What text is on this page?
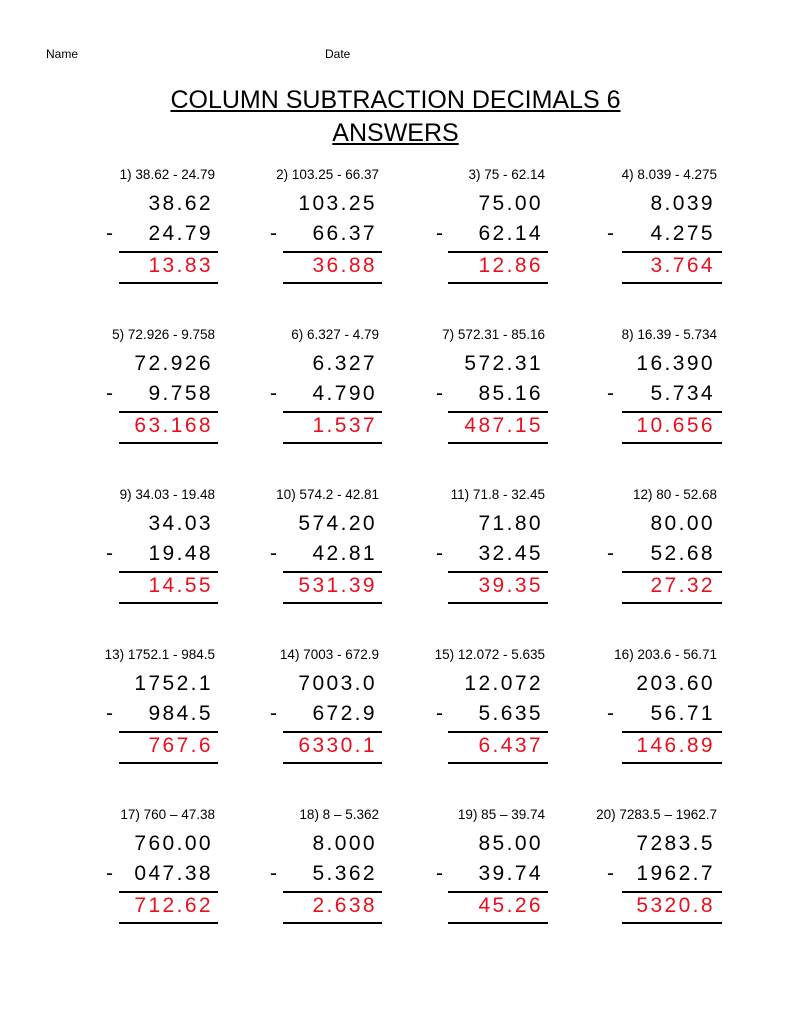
Name	Date
COLUMN SUBTRACTION DECIMALS 6
ANSWERS
1) 38.62 - 24.79
38.62
24.79
13.83
-
2) 103.25 - 66.37
103.25
66.37
36.88
-
3) 75 - 62.14
75.00
62.14
12.86
-
4) 8.039 - 4.275
8.039
4.275
3.764
-
5) 72.926 - 9.758
72.926
9.758
63.168
-
6) 6.327 - 4.79
6.327
4.790
1.537
-
7) 572.31 - 85.16
572.31
85.16
487.15
-
8) 16.39 - 5.734
16.390
5.734
10.656
-
9) 34.03 - 19.48
34.03
19.48
14.55
-
10) 574.2 - 42.81
574.20
42.81
531.39
-
11) 71.8 - 32.45
71.80
32.45
39.35
-
12) 80 - 52.68
80.00
52.68
27.32
-
13) 1752.1 - 984.5
1752.1
984.5
767.6
-
14) 7003 - 672.9
7003.0
672.9
6330.1
-
15) 12.072 - 5.635
12.072
5.635
6.437
-
16) 203.6 - 56.71
203.60
56.71
146.89
-
17) 760 – 47.38
760.00
047.38
712.62
-
18) 8 – 5.362
8.000
5.362
2.638
-
19) 85 – 39.74
85.00
39.74
45.26
-
20) 7283.5 – 1962.7
7283.5
1962.7
5320.8
-
